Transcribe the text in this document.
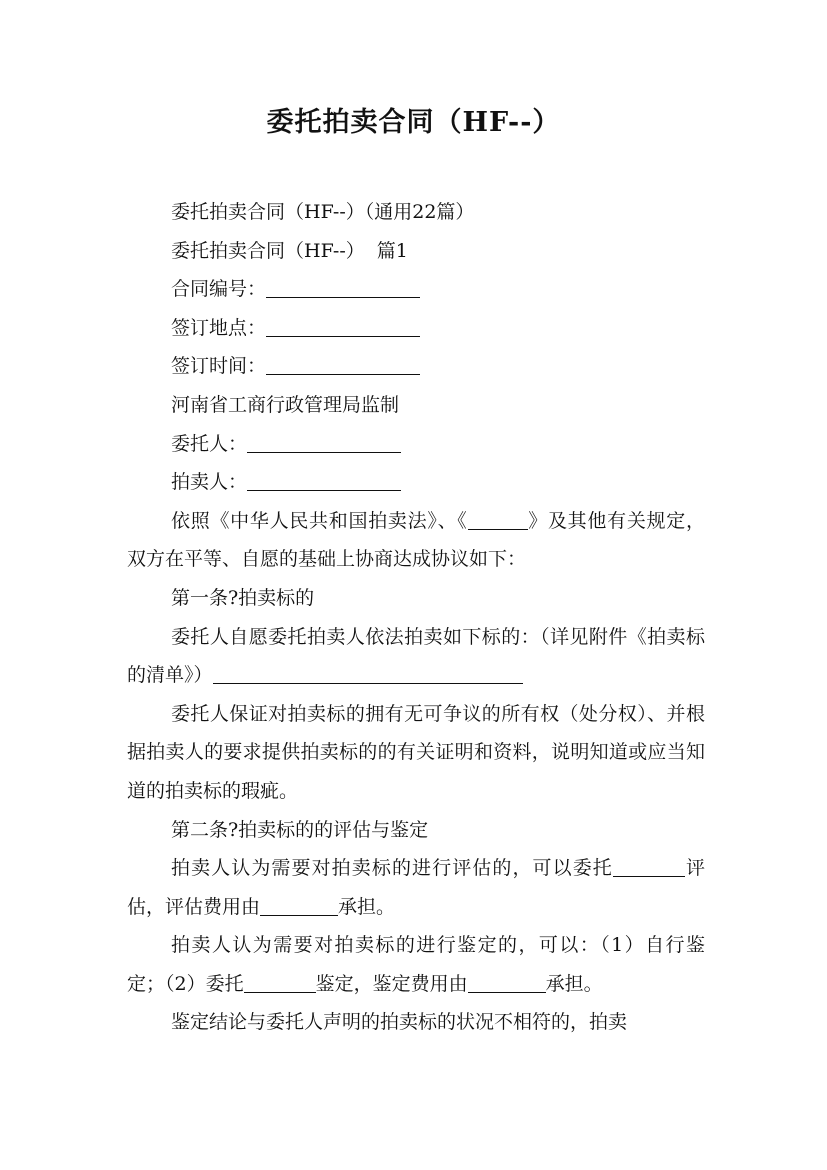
委托拍卖合同（HF--）

委托拍卖合同（HF--）（通用22篇）

委托拍卖合同（HF--） 篇1

合同编号：

签订地点：

签订时间：

河南省工商行政管理局监制

委托人：

拍卖人：

依照《中华人民共和国拍卖法》、《	》及其他有关规定，双方在平等、自愿的基础上协商达成协议如下：

第一条?拍卖标的

委托人自愿委托拍卖人依法拍卖如下标的：（详见附件《拍卖标的清单》）

委托人保证对拍卖标的拥有无可争议的所有权（处分权）、并根据拍卖人的要求提供拍卖标的的有关证明和资料，说明知道或应当知道的拍卖标的瑕疵。

第二条?拍卖标的的评估与鉴定

拍卖人认为需要对拍卖标的进行评估的，可以委托	评估，评估费用由	承担。

拍卖人认为需要对拍卖标的进行鉴定的，可以：（1）自行鉴定；（2）委托	鉴定，鉴定费用由	承担。

鉴定结论与委托人声明的拍卖标的状况不相符的，拍卖
